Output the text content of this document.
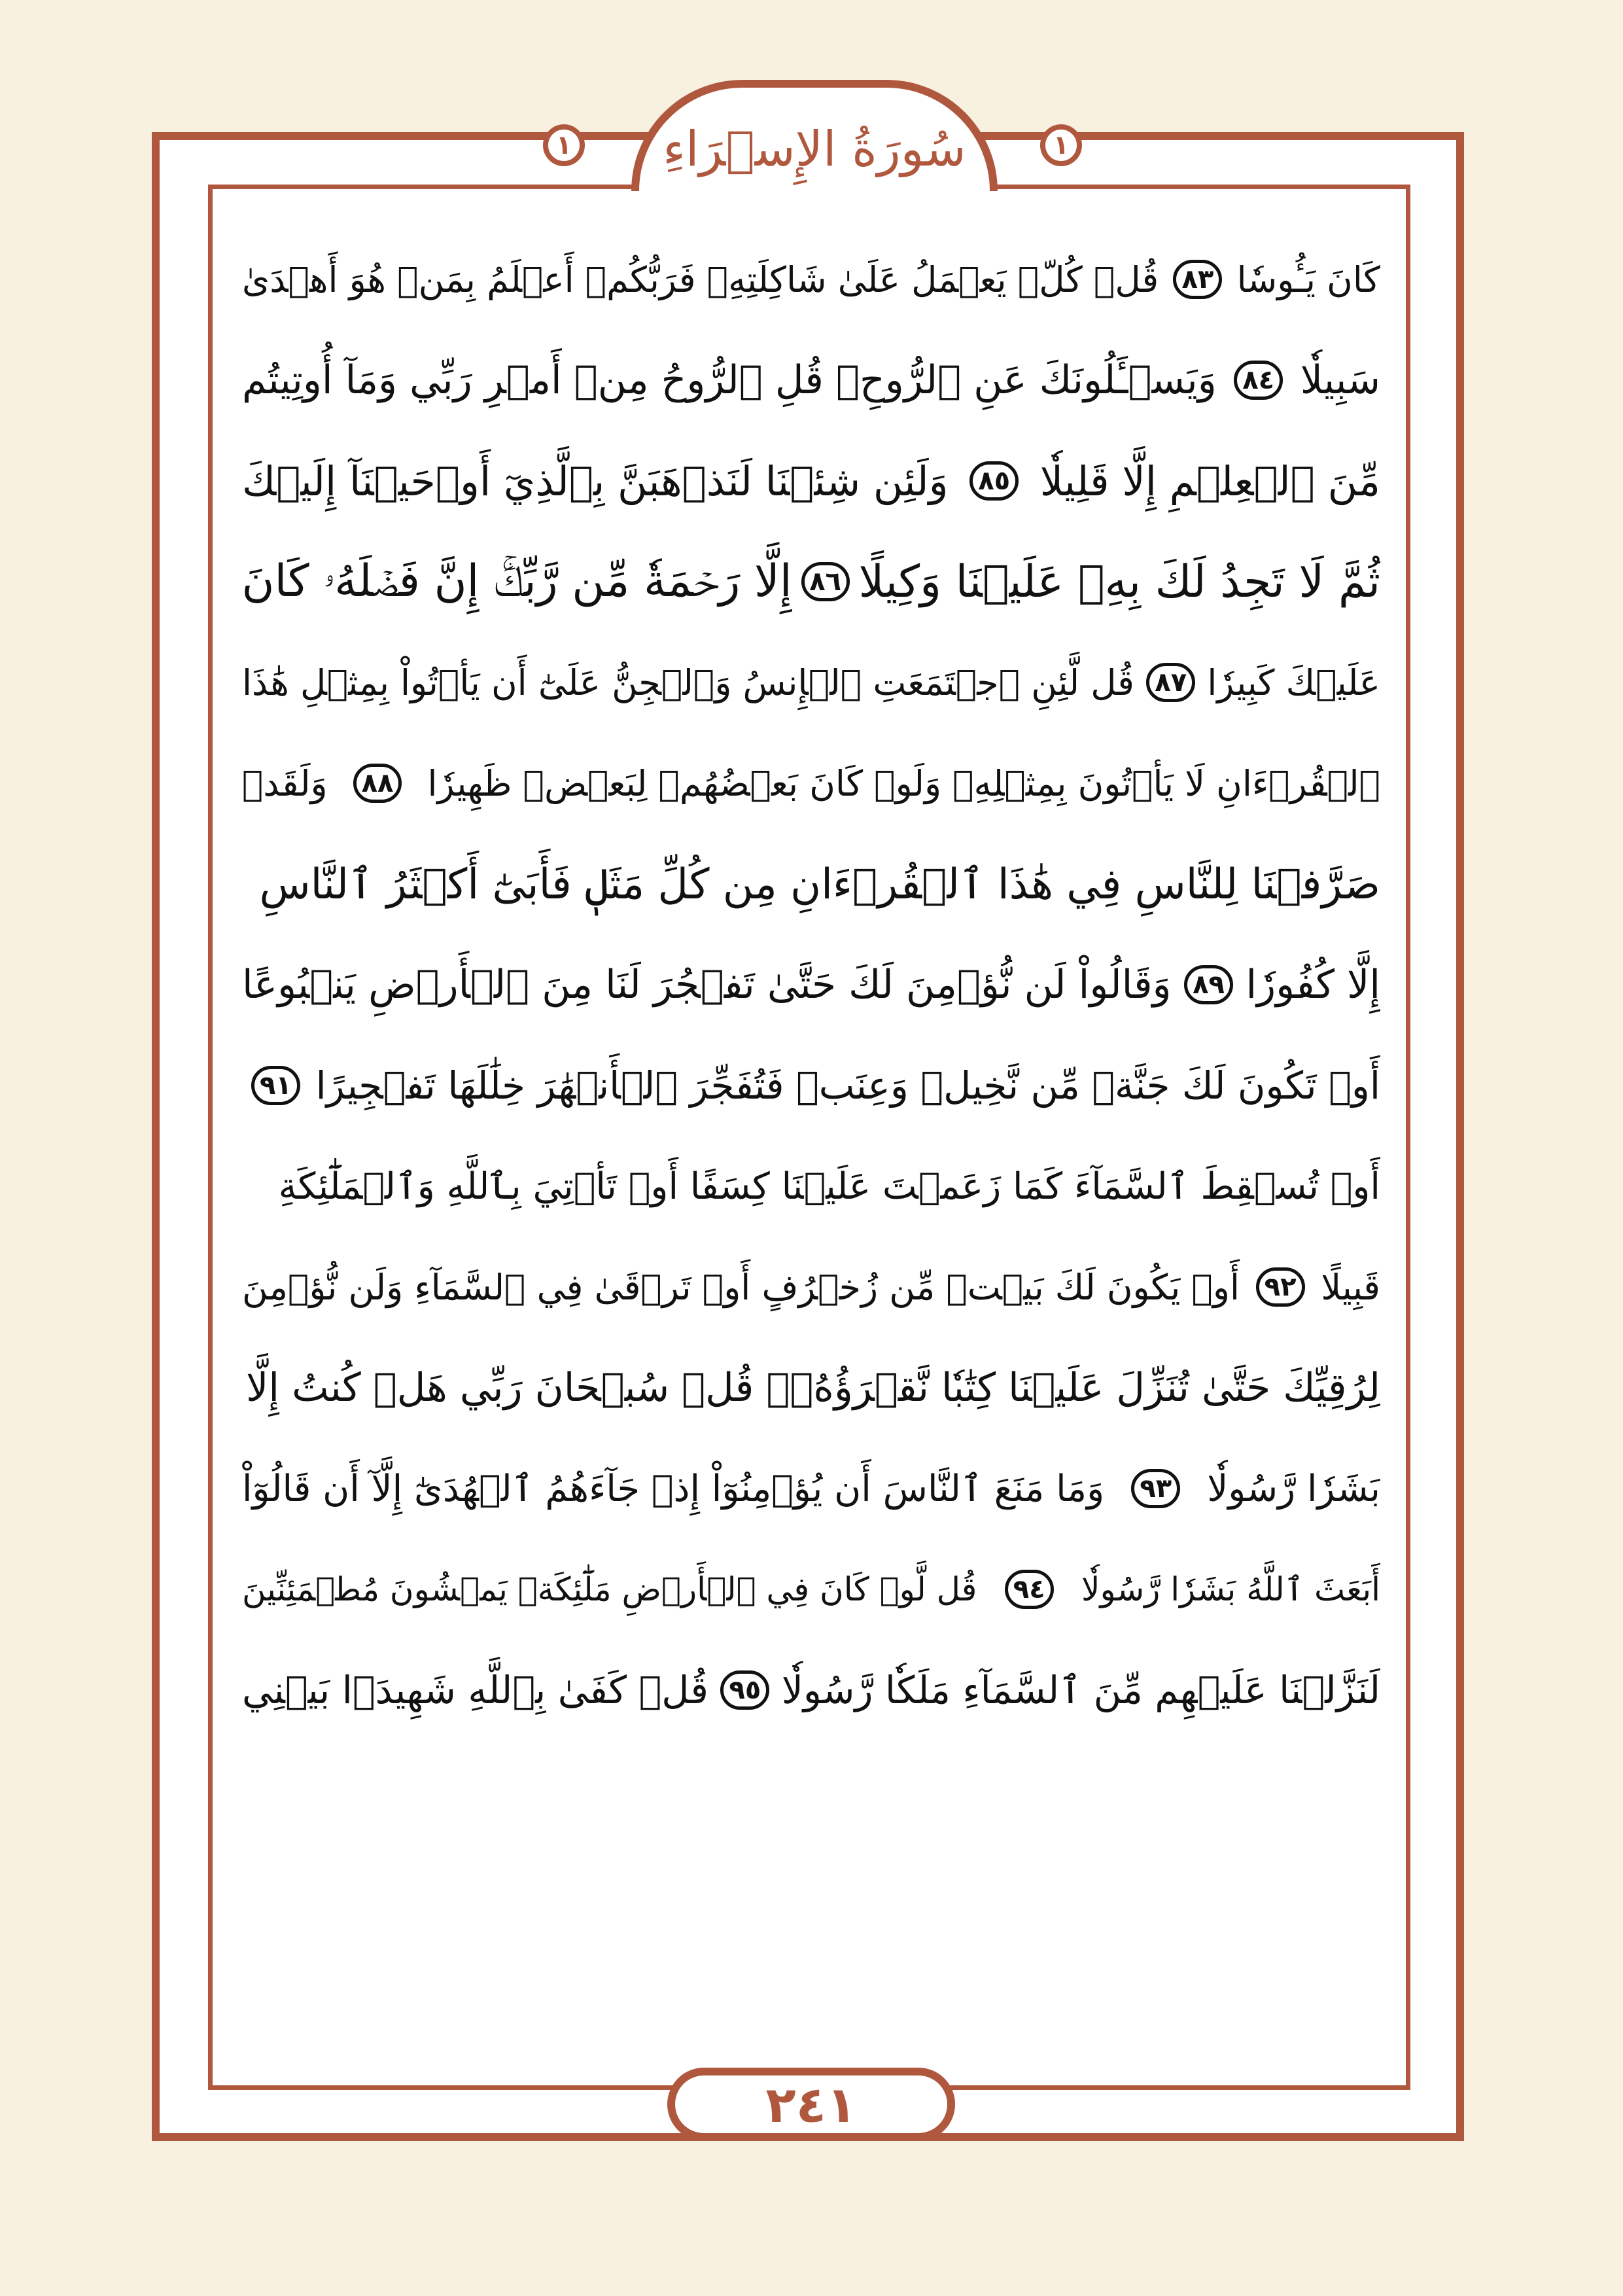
سُورَةُ الإِسۡرَاءِ
۱	۱
٢٤١
كَانَ يَـُٔوسٗا
٨٣
قُلۡ كُلّٞ يَعۡمَلُ عَلَىٰ شَاكِلَتِهِۦ فَرَبُّكُمۡ أَعۡلَمُ بِمَنۡ هُوَ أَهۡدَىٰ
سَبِيلٗا
٨٤
وَيَسۡـَٔلُونَكَ عَنِ ٱلرُّوحِۖ قُلِ ٱلرُّوحُ مِنۡ أَمۡرِ رَبِّي وَمَآ أُوتِيتُم
مِّنَ ٱلۡعِلۡمِ إِلَّا قَلِيلٗا
٨٥
وَلَئِن شِئۡنَا لَنَذۡهَبَنَّ بِٱلَّذِيٓ أَوۡحَيۡنَآ إِلَيۡكَ
ثُمَّ لَا تَجِدُ لَكَ بِهِۦ عَلَيۡنَا وَكِيلًا
٨٦
إِلَّا رَحۡمَةٗ مِّن رَّبِّكَۚ إِنَّ فَضۡلَهُۥ كَانَ
عَلَيۡكَ كَبِيرٗا
٨٧
قُل لَّئِنِ ٱجۡتَمَعَتِ ٱلۡإِنسُ وَٱلۡجِنُّ عَلَىٰٓ أَن يَأۡتُواْ بِمِثۡلِ هَٰذَا
ٱلۡقُرۡءَانِ لَا يَأۡتُونَ بِمِثۡلِهِۦ وَلَوۡ كَانَ بَعۡضُهُمۡ لِبَعۡضٖ ظَهِيرٗا
٨٨
وَلَقَدۡ
صَرَّفۡنَا لِلنَّاسِ فِي هَٰذَا ٱلۡقُرۡءَانِ مِن كُلِّ مَثَلٖ فَأَبَىٰٓ أَكۡثَرُ ٱلنَّاسِ
إِلَّا كُفُورٗا
٨٩
وَقَالُواْ لَن نُّؤۡمِنَ لَكَ حَتَّىٰ تَفۡجُرَ لَنَا مِنَ ٱلۡأَرۡضِ يَنۢبُوعًا
أَوۡ تَكُونَ لَكَ جَنَّةٞ مِّن نَّخِيلٖ وَعِنَبٖ فَتُفَجِّرَ ٱلۡأَنۡهَٰرَ خِلَٰلَهَا تَفۡجِيرًا
٩١
أَوۡ تُسۡقِطَ ٱلسَّمَآءَ كَمَا زَعَمۡتَ عَلَيۡنَا كِسَفًا أَوۡ تَأۡتِيَ بِٱللَّهِ وَٱلۡمَلَٰٓئِكَةِ
قَبِيلًا
٩٢
أَوۡ يَكُونَ لَكَ بَيۡتٞ مِّن زُخۡرُفٍ أَوۡ تَرۡقَىٰ فِي ٱلسَّمَآءِ وَلَن نُّؤۡمِنَ
لِرُقِيِّكَ حَتَّىٰ تُنَزِّلَ عَلَيۡنَا كِتَٰبٗا نَّقۡرَؤُهُۥۗ قُلۡ سُبۡحَانَ رَبِّي هَلۡ كُنتُ إِلَّا
بَشَرٗا رَّسُولٗا
٩٣
وَمَا مَنَعَ ٱلنَّاسَ أَن يُؤۡمِنُوٓاْ إِذۡ جَآءَهُمُ ٱلۡهُدَىٰٓ إِلَّآ أَن قَالُوٓاْ
أَبَعَثَ ٱللَّهُ بَشَرٗا رَّسُولٗا
٩٤
قُل لَّوۡ كَانَ فِي ٱلۡأَرۡضِ مَلَٰٓئِكَةٞ يَمۡشُونَ مُطۡمَئِنِّينَ
لَنَزَّلۡنَا عَلَيۡهِم مِّنَ ٱلسَّمَآءِ مَلَكٗا رَّسُولٗا
٩٥
قُلۡ كَفَىٰ بِٱللَّهِ شَهِيدَۢا بَيۡنِي
